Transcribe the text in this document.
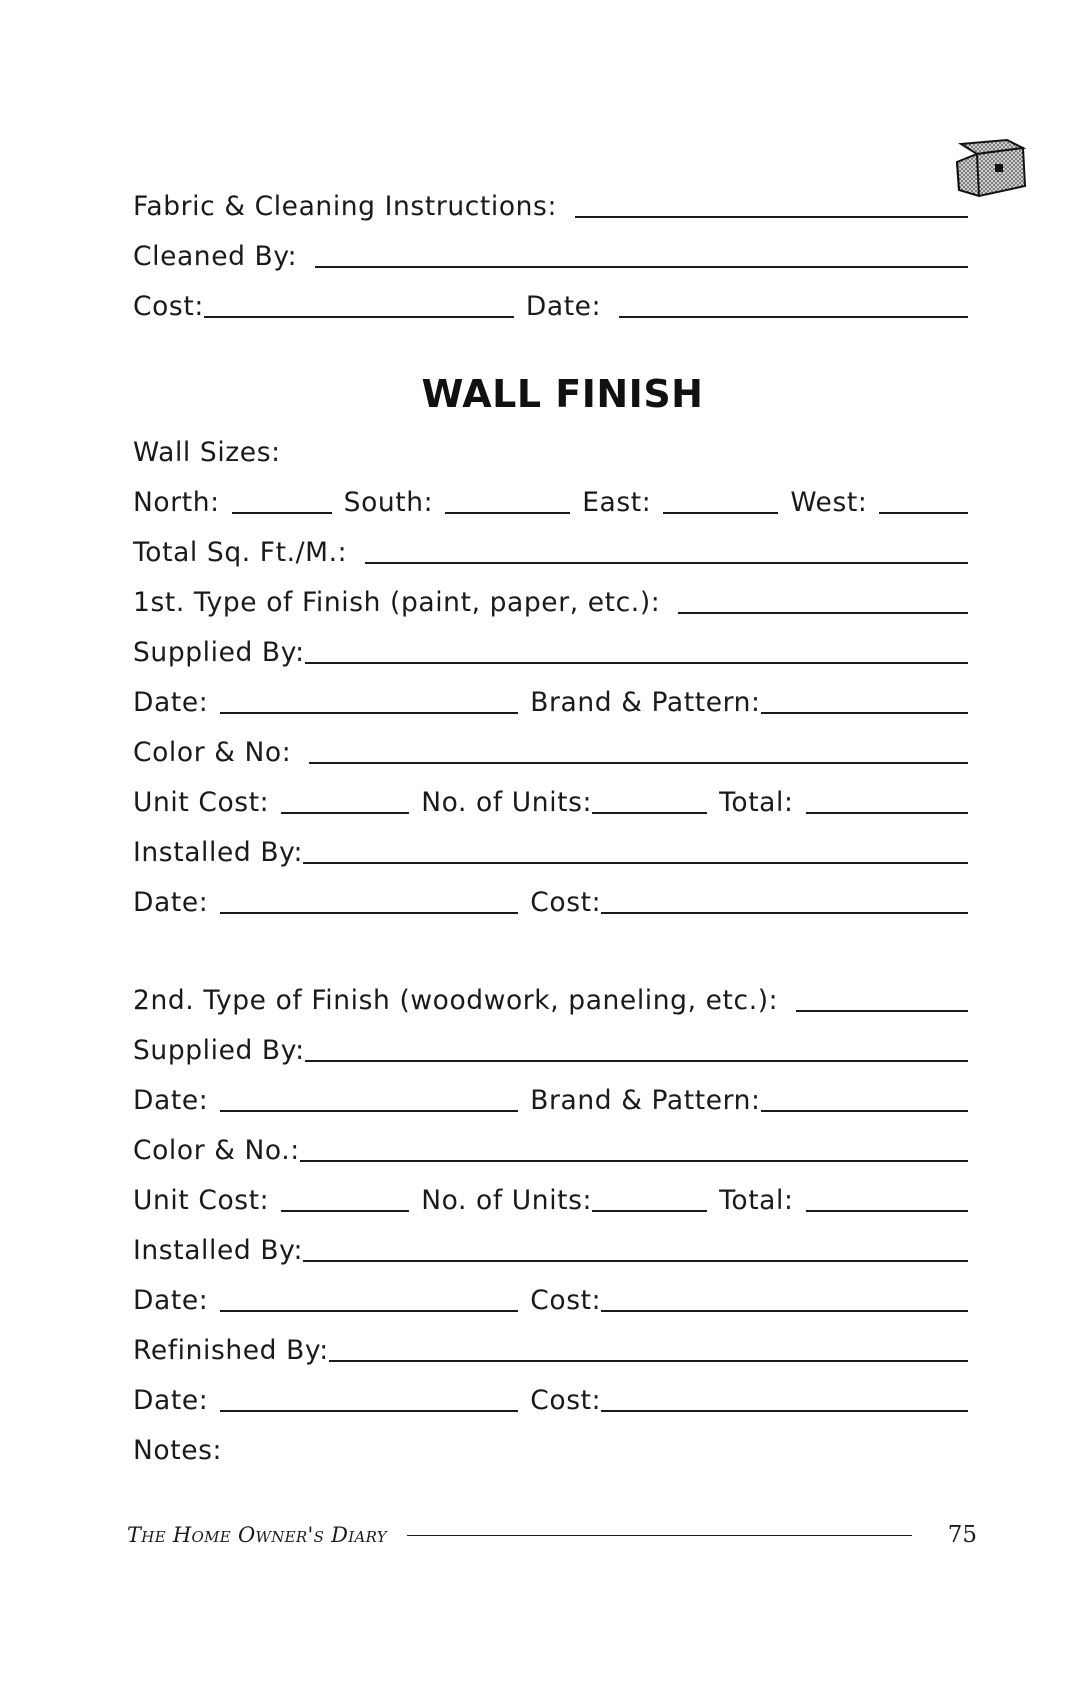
Fabric & Cleaning Instructions:
Cleaned By:
Cost:	Date:
WALL FINISH
Wall Sizes:
North:	South:	East:	West:
Total Sq. Ft./M.:
1st. Type of Finish (paint, paper, etc.):
Supplied By:
Date:	Brand & Pattern:
Color & No:
Unit Cost:	No. of Units:	Total:
Installed By:
Date:	Cost:
2nd. Type of Finish (woodwork, paneling, etc.):
Supplied By:
Date:	Brand & Pattern:
Color & No.:
Unit Cost:	No. of Units:	Total:
Installed By:
Date:	Cost:
Refinished By:
Date:	Cost:
Notes:
The Home Owner's Diary	75
